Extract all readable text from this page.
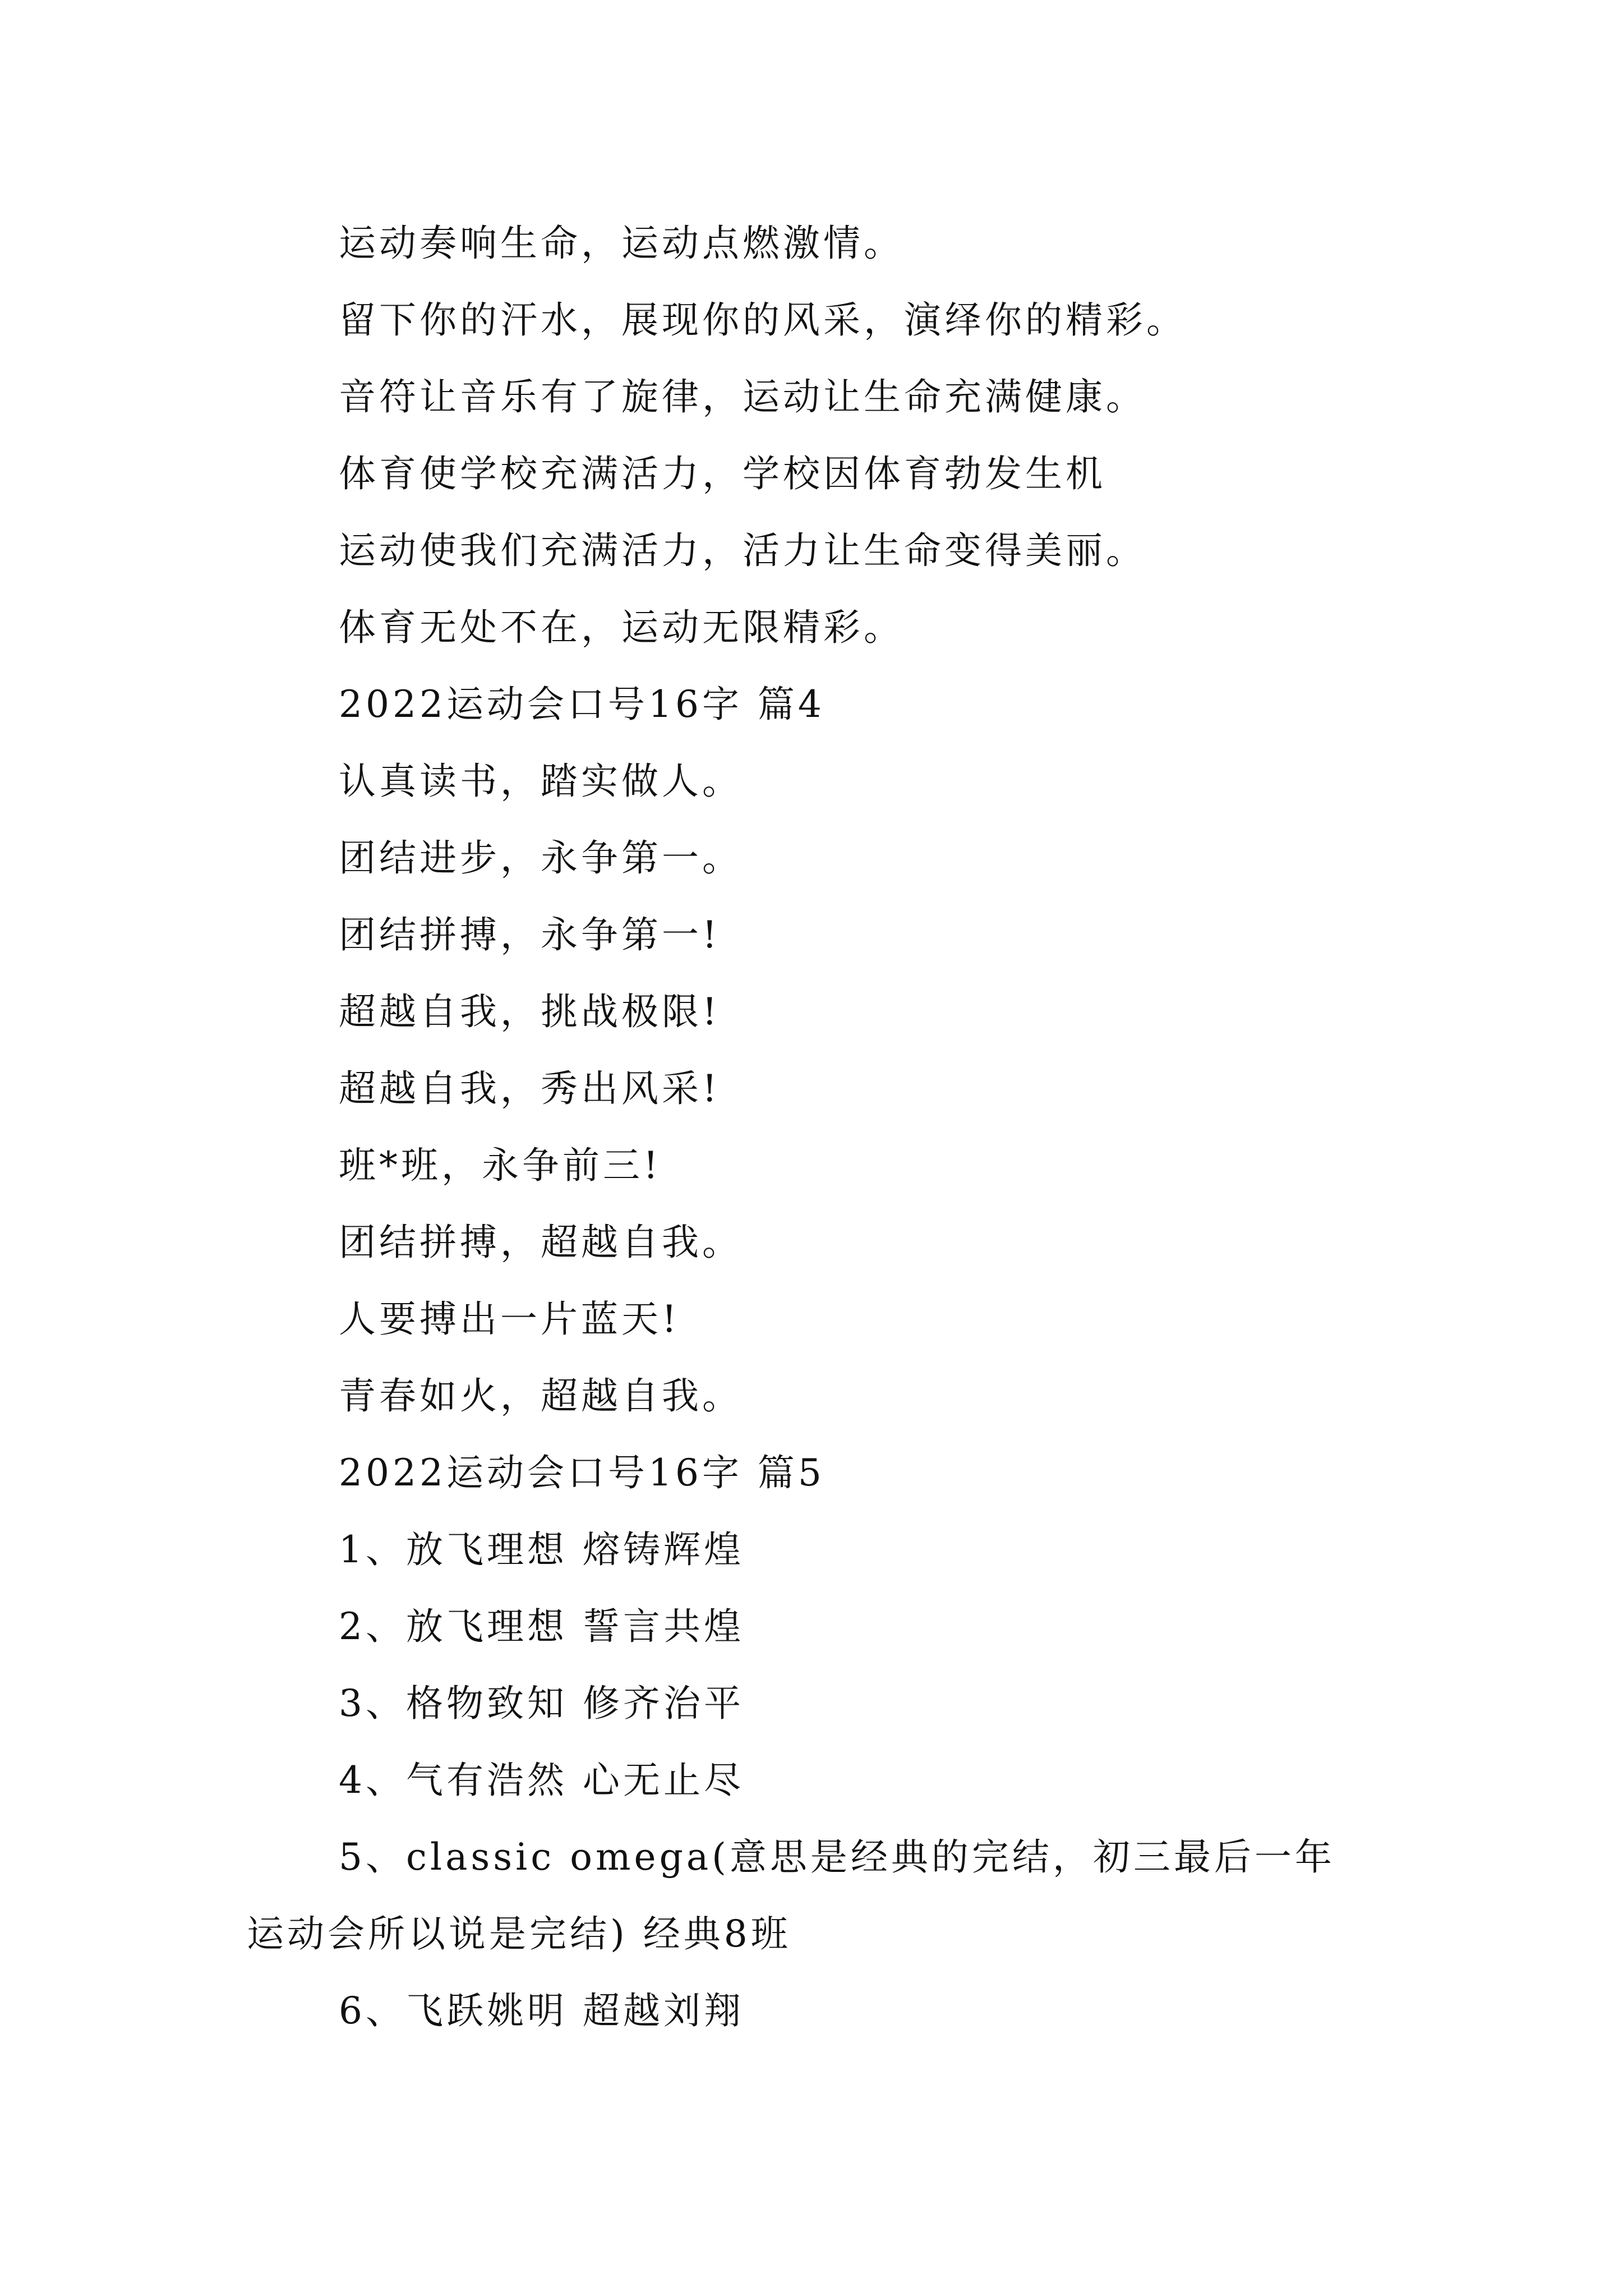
运动奏响生命，运动点燃激情。
留下你的汗水，展现你的风采，演绎你的精彩。
音符让音乐有了旋律，运动让生命充满健康。
体育使学校充满活力，学校因体育勃发生机
运动使我们充满活力，活力让生命变得美丽。
体育无处不在，运动无限精彩。
2022运动会口号16字 篇4
认真读书，踏实做人。
团结进步，永争第一。
团结拼搏，永争第一!
超越自我，挑战极限!
超越自我，秀出风采!
班*班，永争前三!
团结拼搏，超越自我。
人要搏出一片蓝天!
青春如火，超越自我。
2022运动会口号16字 篇5
1、放飞理想 熔铸辉煌
2、放飞理想 誓言共煌
3、格物致知 修齐治平
4、气有浩然 心无止尽
5、classic omega(意思是经典的完结，初三最后一年
运动会所以说是完结) 经典8班
6、飞跃姚明 超越刘翔
